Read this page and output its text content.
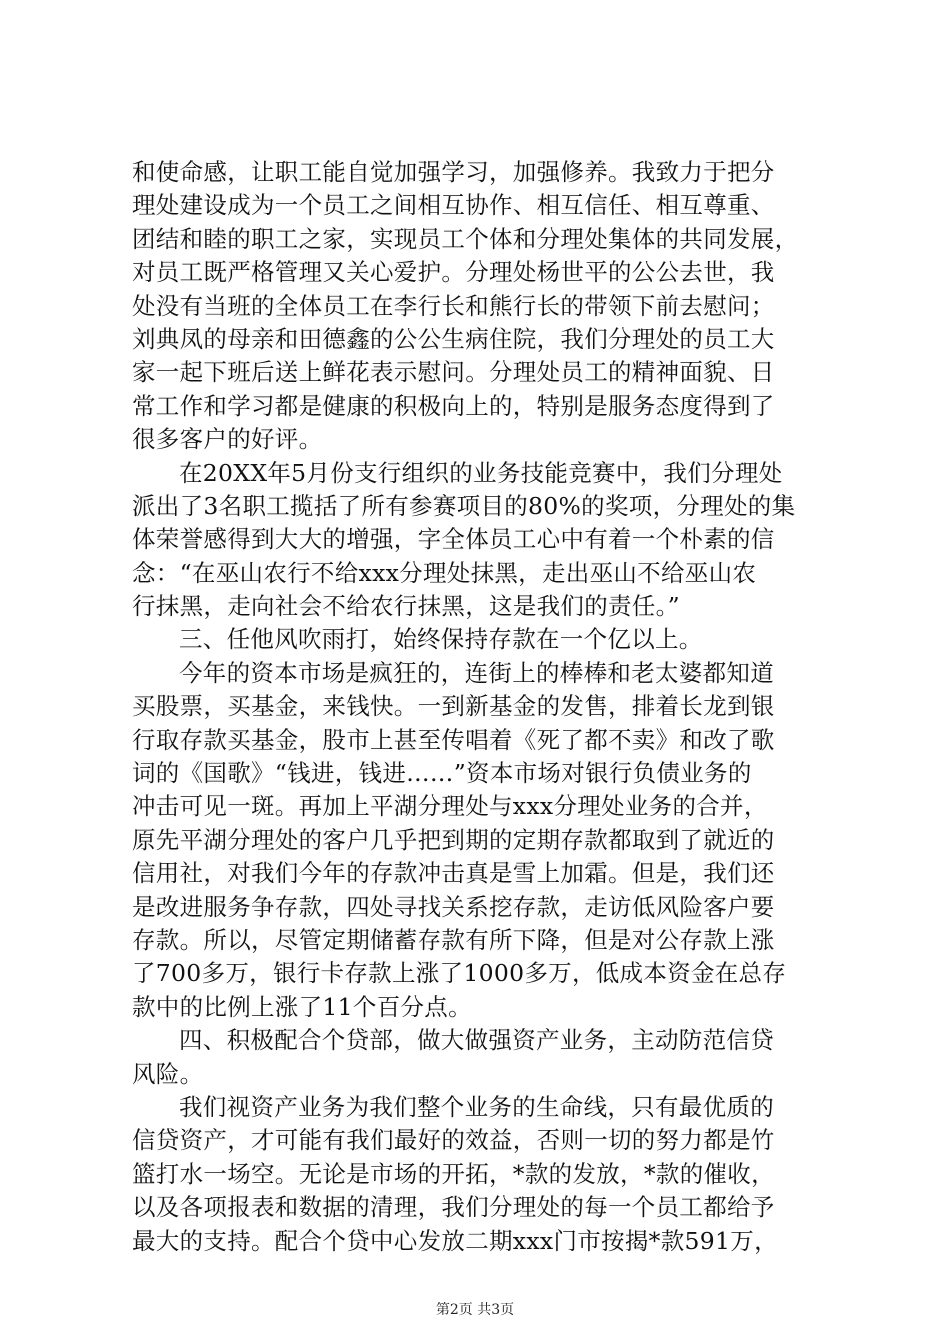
和使命感，让职工能自觉加强学习，加强修养。我致力于把分
理处建设成为一个员工之间相互协作、相互信任、相互尊重、
团结和睦的职工之家，实现员工个体和分理处集体的共同发展，
对员工既严格管理又关心爱护。分理处杨世平的公公去世，我
处没有当班的全体员工在李行长和熊行长的带领下前去慰问；
刘典凤的母亲和田德鑫的公公生病住院，我们分理处的员工大
家一起下班后送上鲜花表示慰问。分理处员工的精神面貌、日
常工作和学习都是健康的积极向上的，特别是服务态度得到了
很多客户的好评。
在20XX年5月份支行组织的业务技能竞赛中，我们分理处
派出了3名职工揽括了所有参赛项目的80%的奖项，分理处的集
体荣誉感得到大大的增强，字全体员工心中有着一个朴素的信
念：“在巫山农行不给xxx分理处抹黑，走出巫山不给巫山农
行抹黑，走向社会不给农行抹黑，这是我们的责任。”
三、任他风吹雨打，始终保持存款在一个亿以上。
今年的资本市场是疯狂的，连街上的棒棒和老太婆都知道
买股票，买基金，来钱快。一到新基金的发售，排着长龙到银
行取存款买基金，股市上甚至传唱着《死了都不卖》和改了歌
词的《国歌》“钱进，钱进……”资本市场对银行负债业务的
冲击可见一斑。再加上平湖分理处与xxx分理处业务的合并，
原先平湖分理处的客户几乎把到期的定期存款都取到了就近的
信用社，对我们今年的存款冲击真是雪上加霜。但是，我们还
是改进服务争存款，四处寻找关系挖存款，走访低风险客户要
存款。所以，尽管定期储蓄存款有所下降，但是对公存款上涨
了700多万，银行卡存款上涨了1000多万，低成本资金在总存
款中的比例上涨了11个百分点。
四、积极配合个贷部，做大做强资产业务，主动防范信贷
风险。
我们视资产业务为我们整个业务的生命线，只有最优质的
信贷资产，才可能有我们最好的效益，否则一切的努力都是竹
篮打水一场空。无论是市场的开拓，*款的发放，*款的催收，
以及各项报表和数据的清理，我们分理处的每一个员工都给予
最大的支持。配合个贷中心发放二期xxx门市按揭*款591万，
第2页 共3页
